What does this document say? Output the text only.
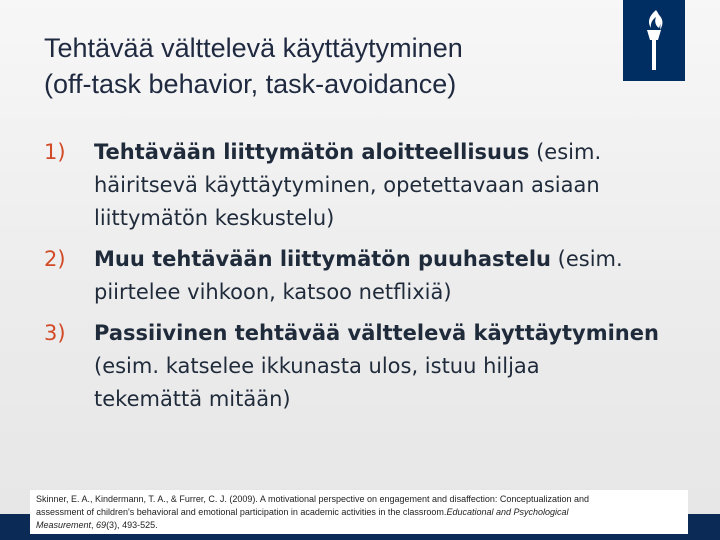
Tehtävää välttelevä käyttäytyminen
(off-task behavior, task-avoidance)
1) Tehtävään liittymätön aloitteellisuus (esim.
häiritsevä käyttäytyminen, opetettavaan asiaan
liittymätön keskustelu)
2) Muu tehtävään liittymätön puuhastelu (esim.
piirtelee vihkoon, katsoo netflixiä)
3) Passiivinen tehtävää välttelevä käyttäytyminen
(esim. katselee ikkunasta ulos, istuu hiljaa
tekemättä mitään)
Skinner, E. A., Kindermann, T. A., & Furrer, C. J. (2009). A motivational perspective on engagement and disaffection: Conceptualization and
assessment of children's behavioral and emotional participation in academic activities in the classroom.Educational and Psychological
Measurement, 69(3), 493-525.
